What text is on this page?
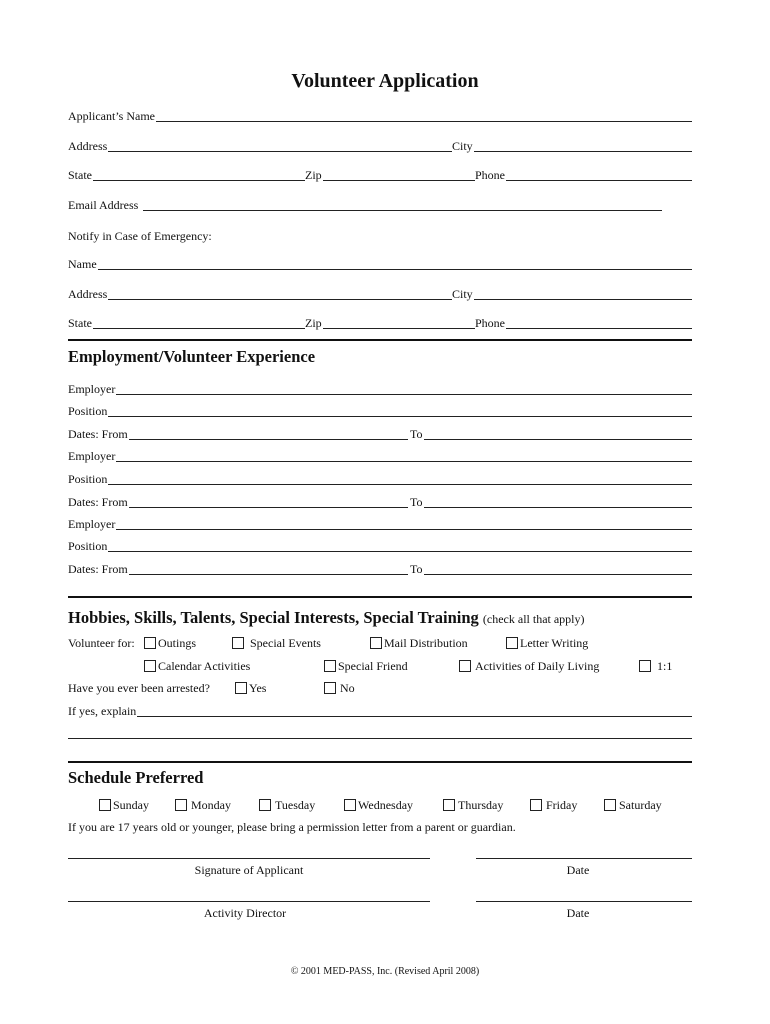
Volunteer Application
Applicant’s Name
Address	City
State	Zip	Phone
Email Address
Notify in Case of Emergency:
Name
Address	City
State	Zip	Phone
Employment/Volunteer Experience
Employer
Position
Dates: From	To
Employer
Position
Dates: From	To
Employer
Position
Dates: From	To
Hobbies, Skills, Talents, Special Interests, Special Training (check all that apply)
Volunteer for: Outings	Special Events	Mail Distribution	Letter Writing
Calendar Activities	Special Friend	Activities of Daily Living	1:1
Have you ever been arrested?	Yes	No
If yes, explain
Schedule Preferred
Sunday	Monday	Tuesday	Wednesday	Thursday	Friday	Saturday
If you are 17 years old or younger, please bring a permission letter from a parent or guardian.
Signature of Applicant	Date
Activity Director	Date
© 2001 MED-PASS, Inc. (Revised April 2008)
